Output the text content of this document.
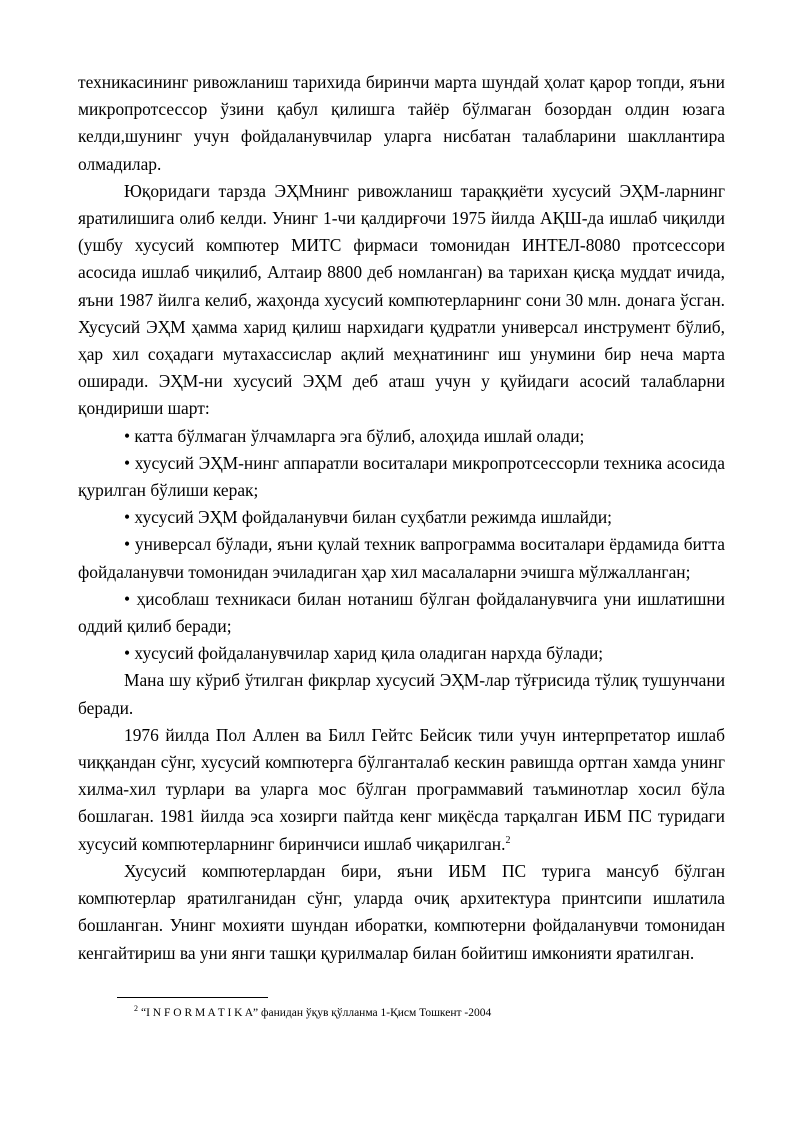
техникасининг ривожланиш тарихида биринчи марта шундай ҳолат қарор топди, яъни микропротсессор ўзини қабул қилишга тайёр бўлмаган бозордан олдин юзага келди,шунинг учун фойдаланувчилар уларга нисбатан талабларини шакллантира олмадилар.

Юқоридаги тарзда ЭҲМнинг ривожланиш тараққиёти хусусий ЭҲМ-ларнинг яратилишига олиб келди. Унинг 1-чи қалдирғочи 1975 йилда АҚШ-да ишлаб чиқилди (ушбу хусусий компютер МИТС фирмаси томонидан ИНТЕЛ-8080 протсессори асосида ишлаб чиқилиб, Алтаир 8800 деб номланган) ва тарихан қисқа муддат ичида, яъни 1987 йилга келиб, жаҳонда хусусий компютерларнинг сони 30 млн. донага ўсган. Хусусий ЭҲМ ҳамма харид қилиш нархидаги қудратли универсал инструмент бўлиб, ҳар хил соҳадаги мутахассислар ақлий меҳнатининг иш унумини бир неча марта оширади. ЭҲМ-ни хусусий ЭҲМ деб аташ учун у қуйидаги асосий талабларни қондириши шарт:

• катта бўлмаган ўлчамларга эга бўлиб, алоҳида ишлай олади;

• хусусий ЭҲМ-нинг аппаратли воситалари микропротсессорли техника асосида қурилган бўлиши керак;

• хусусий ЭҲМ фойдаланувчи билан суҳбатли режимда ишлайди;

• универсал бўлади, яъни қулай техник вапрограмма воситалари ёрдамида битта фойдаланувчи томонидан эчиладиган ҳар хил масалаларни эчишга мўлжалланган;

• ҳисоблаш техникаси билан нотаниш бўлган фойдаланувчига уни ишлатишни оддий қилиб беради;

• хусусий фойдаланувчилар харид қила оладиган нархда бўлади;

Мана шу кўриб ўтилган фикрлар хусусий ЭҲМ-лар тўғрисида тўлиқ тушунчани беради.

1976 йилда Пол Аллен ва Билл Гейтс Бейсик тили учун интерпретатор ишлаб чиққандан сўнг, хусусий компютерга бўлганталаб кескин равишда ортган хамда унинг хилма-хил турлари ва уларга мос бўлган программавий таъминотлар хосил бўла бошлаган. 1981 йилда эса хозирги пайтда кенг миқёсда тарқалган ИБМ ПС туридаги хусусий компютерларнинг биринчиси ишлаб чиқарилган.$^2$

Хусусий компютерлардан бири, яъни ИБМ ПС турига мансуб бўлган компютерлар яратилганидан сўнг, уларда очиқ архитектура принтсипи ишлатила бошланган. Унинг мохияти шундан иборатки, компютерни фойдаланувчи томонидан кенгайтириш ва уни янги ташқи қурилмалар билан бойитиш имконияти яратилган.

$^2$ “I N F O R M A T I K A” фанидан ўқув қўлланма 1-Қисм Тошкент -2004
